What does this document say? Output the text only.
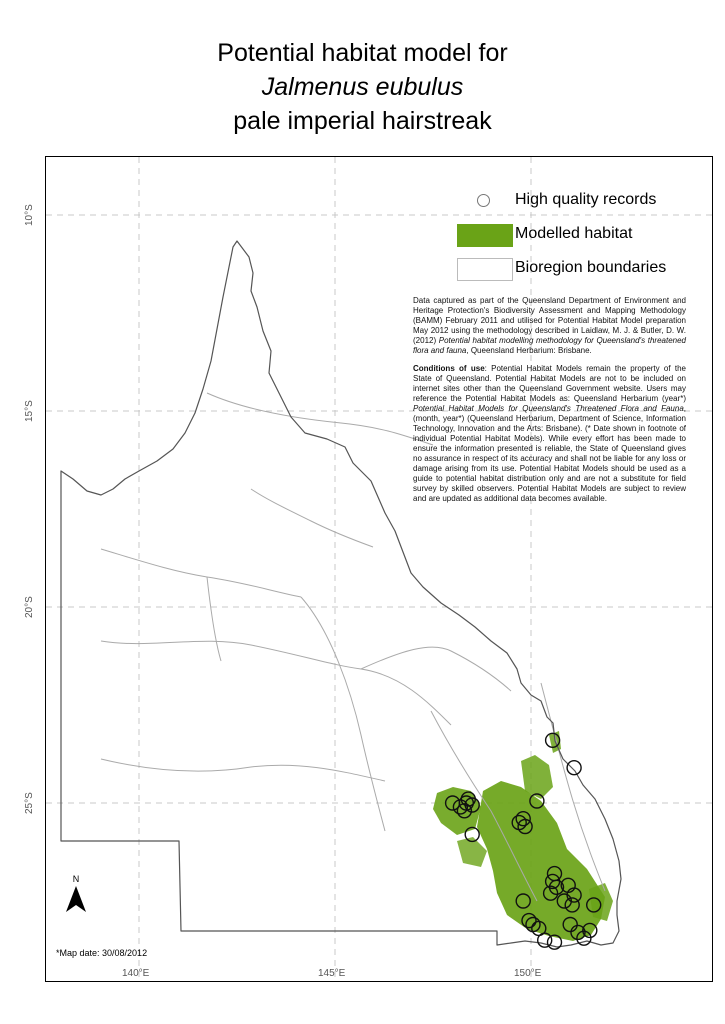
Potential habitat model for
Jalmenus eubulus
pale imperial hairstreak
10°S
15°S
20°S
25°S
140°E	145°E	150°E
High quality records
Modelled habitat
Bioregion boundaries

Data captured as part of the Queensland Department of Environment and Heritage Protection's Biodiversity Assessment and Mapping Methodology (BAMM) February 2011 and utilised for Potential Habitat Model preparation May 2012 using the methodology described in Laidlaw, M. J. & Butler, D. W. (2012) Potential habitat modelling methodology for Queensland's threatened flora and fauna, Queensland Herbarium: Brisbane.

Conditions of use: Potential Habitat Models remain the property of the State of Queensland. Potential Habitat Models are not to be included on internet sites other than the Queensland Government website. Users may reference the Potential Habitat Models as: Queensland Herbarium (year*) Potential Habitat Models for Queensland's Threatened Flora and Fauna, (month, year*) (Queensland Herbarium, Department of Science, Information Technology, Innovation and the Arts: Brisbane). (* Date shown in footnote of individual Potential Habitat Models). While every effort has been made to ensure the information presented is reliable, the State of Queensland gives no assurance in respect of its accuracy and shall not be liable for any loss or damage arising from its use. Potential Habitat Models should be used as a guide to potential habitat distribution only and are not a substitute for field survey by skilled observers. Potential Habitat Models are subject to review and are updated as additional data becomes available.

N
*Map date: 30/08/2012
